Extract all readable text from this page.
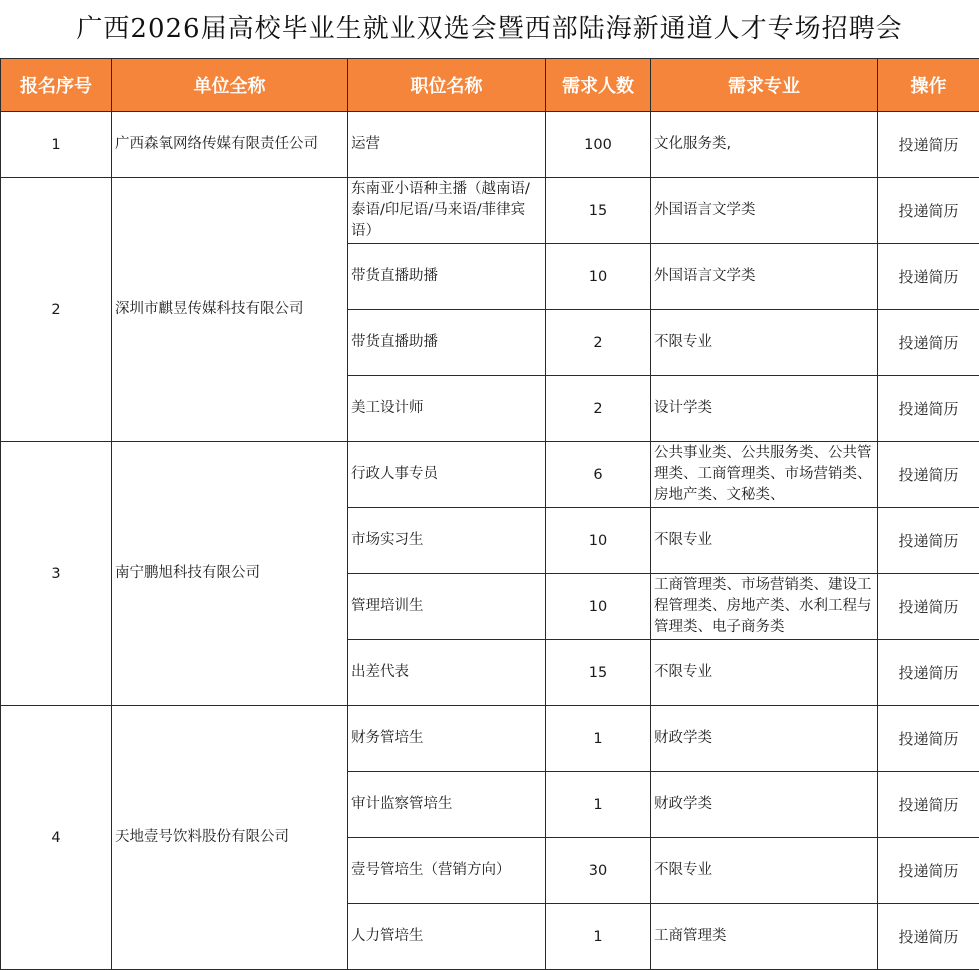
广西2026届高校毕业生就业双选会暨西部陆海新通道人才专场招聘会
报名序号	单位全称	职位名称	需求人数	需求专业	操作
1	广西森氧网络传媒有限责任公司	运营	100	文化服务类,	投递简历
2	深圳市麒昱传媒科技有限公司	东南亚小语种主播（越南语/泰语/印尼语/马来语/菲律宾语）	15	外国语言文学类	投递简历
		带货直播助播	10	外国语言文学类	投递简历
		带货直播助播	2	不限专业	投递简历
		美工设计师	2	设计学类	投递简历
3	南宁鹏旭科技有限公司	行政人事专员	6	公共事业类、公共服务类、公共管理类、工商管理类、市场营销类、房地产类、文秘类、	投递简历
		市场实习生	10	不限专业	投递简历
		管理培训生	10	工商管理类、市场营销类、建设工程管理类、房地产类、水利工程与管理类、电子商务类	投递简历
		出差代表	15	不限专业	投递简历
4	天地壹号饮料股份有限公司	财务管培生	1	财政学类	投递简历
		审计监察管培生	1	财政学类	投递简历
		壹号管培生（营销方向）	30	不限专业	投递简历
		人力管培生	1	工商管理类	投递简历
